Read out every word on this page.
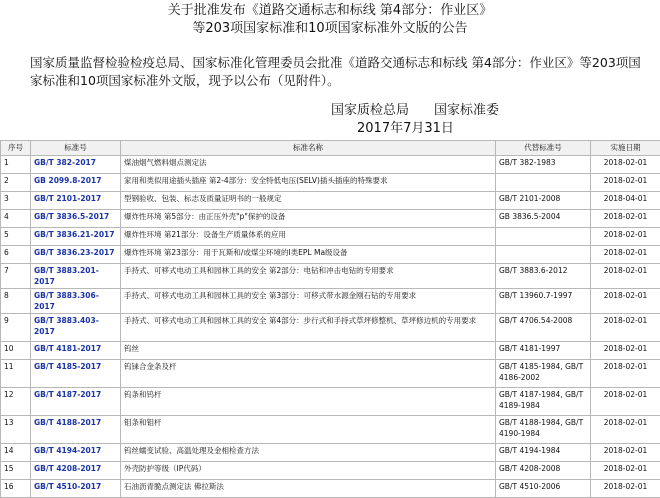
关于批准发布《道路交通标志和标线 第4部分：作业区》
等203项国家标准和10项国家标准外文版的公告
国家质量监督检验检疫总局、国家标准化管理委员会批准《道路交通标志和标线 第4部分：作业区》等203项国家标准和10项国家标准外文版，现予以公布（见附件）。
国家质检总局 国家标准委
2017年7月31日
序号	标准号	标准名称	代替标准号	实施日期

1	GB/T 382-2017	煤油烟气燃料烟点测定法	GB/T 382-1983	2018-02-01

2	GB 2099.8-2017	家用和类似用途插头插座 第2-4部分：安全特低电压(SELV)插头插座的特殊要求		2018-02-01

3	GB/T 2101-2017	型钢验收、包装、标志及质量证明书的一般规定	GB/T 2101-2008	2018-04-01

4	GB/T 3836.5-2017	爆炸性环境 第5部分：由正压外壳"p"保护的设备	GB 3836.5-2004	2018-02-01

5	GB/T 3836.21-2017	爆炸性环境 第21部分：设备生产质量体系的应用		2018-02-01

6	GB/T 3836.23-2017	爆炸性环境 第23部分：用于瓦斯和/或煤尘环境的I类EPL Ma级设备		2018-02-01

7	GB/T 3883.201-2017	手持式、可移式电动工具和园林工具的安全 第2部分：电钻和冲击电钻的专用要求	GB/T 3883.6-2012	2018-02-01

8	GB/T 3883.306-2017	手持式、可移式电动工具和园林工具的安全 第3部分：可移式带水源金刚石钻的专用要求	GB/T 13960.7-1997	2018-02-01

9	GB/T 3883.403-2017	手持式、可移式电动工具和园林工具的安全 第4部分：步行式和手持式草坪修整机、草坪修边机的专用要求	GB/T 4706.54-2008	2018-02-01

10	GB/T 4181-2017	钨丝	GB/T 4181-1997	2018-02-01

11	GB/T 4185-2017	钨铼合金条及杆	GB/T 4185-1984, GB/T 4186-2002	2018-02-01

12	GB/T 4187-2017	钨条和钨杆	GB/T 4187-1984, GB/T 4189-1984	2018-02-01

13	GB/T 4188-2017	钼条和钼杆	GB/T 4188-1984, GB/T 4190-1984	2018-02-01

14	GB/T 4194-2017	钨丝蠕变试验、高温处理及金相检查方法	GB/T 4194-1984	2018-02-01

15	GB/T 4208-2017	外壳防护等级（IP代码）	GB/T 4208-2008	2018-02-01

16	GB/T 4510-2017	石油沥青脆点测定法 佛拉斯法	GB/T 4510-2006	2018-02-01
